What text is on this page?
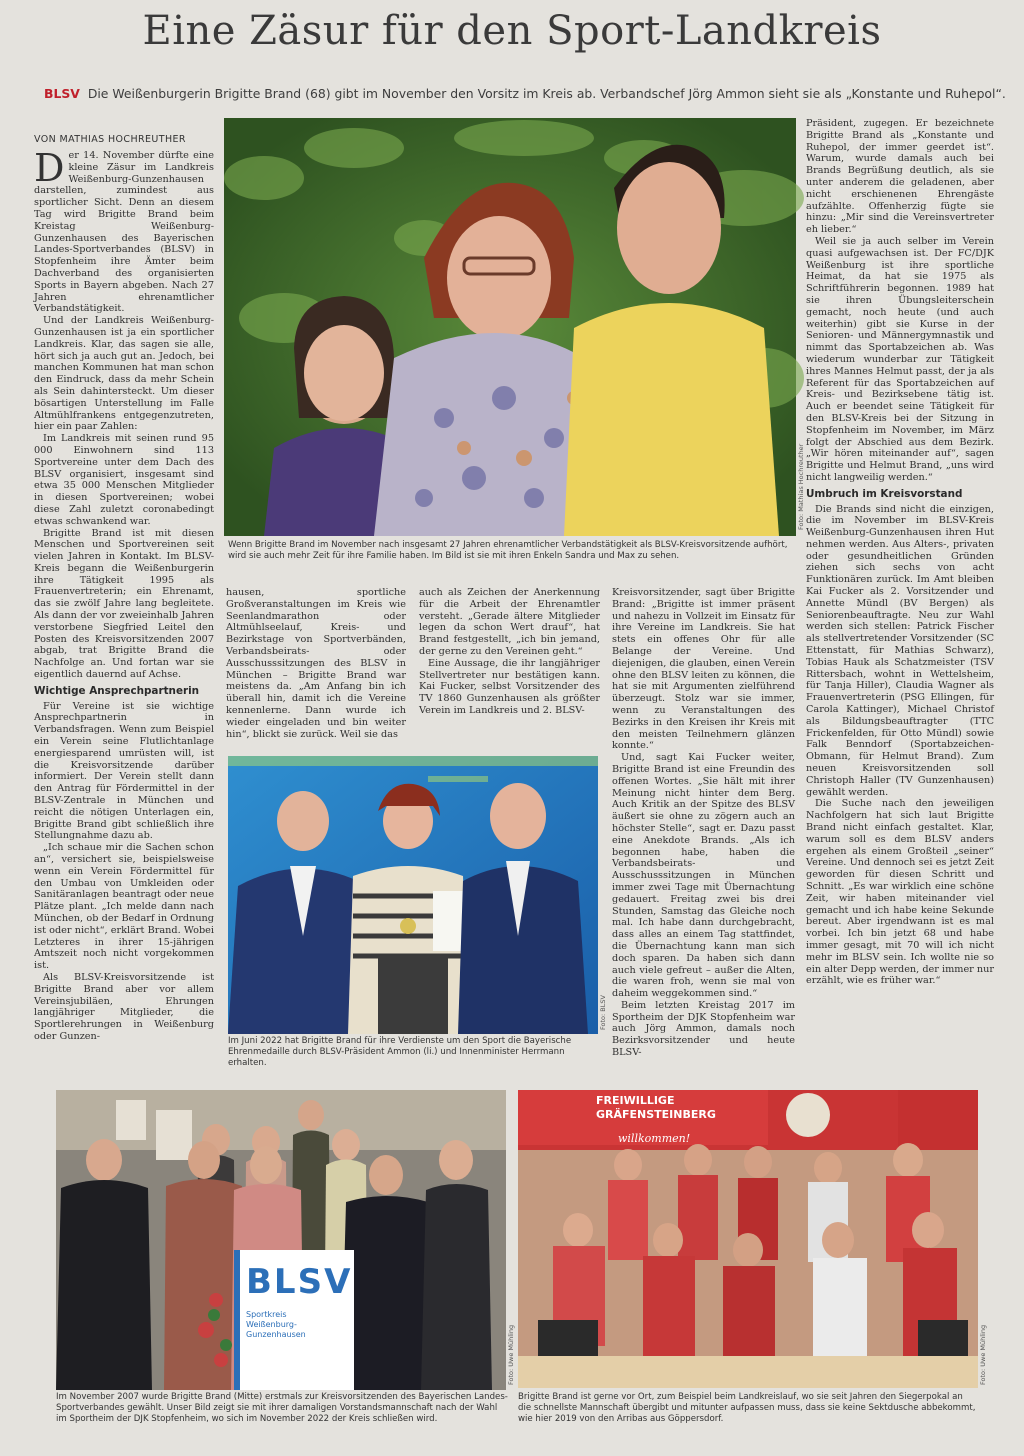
Eine Zäsur für den Sport-Landkreis
BLSV Die Weißenburgerin Brigitte Brand (68) gibt im November den Vorsitz im Kreis ab. Verbandschef Jörg Ammon sieht sie als „Konstante und Ruhepol“.
VON MATHIAS HOCHREUTHER

Der 14. November dürfte eine kleine Zäsur im Landkreis Weißenburg-Gunzenhausen darstellen, zumindest aus sportlicher Sicht. Denn an diesem Tag wird Brigitte Brand beim Kreistag Weißenburg-Gunzenhausen des Bayerischen Landes-Sportverbandes (BLSV) in Stopfenheim ihre Ämter beim Dachverband des organisierten Sports in Bayern abgeben. Nach 27 Jahren ehrenamtlicher Verbandstätigkeit.

Und der Landkreis Weißenburg-Gunzenhausen ist ja ein sportlicher Landkreis. Klar, das sagen sie alle, hört sich ja auch gut an. Jedoch, bei manchen Kommunen hat man schon den Eindruck, dass da mehr Schein als Sein dahintersteckt. Um dieser bösartigen Unterstellung im Falle Altmühlfrankens entgegenzutreten, hier ein paar Zahlen:

Im Landkreis mit seinen rund 95 000 Einwohnern sind 113 Sportvereine unter dem Dach des BLSV organisiert, insgesamt sind etwa 35 000 Menschen Mitglieder in diesen Sportvereinen; wobei diese Zahl zuletzt coronabedingt etwas schwankend war.

Brigitte Brand ist mit diesen Menschen und Sportvereinen seit vielen Jahren in Kontakt. Im BLSV-Kreis begann die Weißenburgerin ihre Tätigkeit 1995 als Frauenvertreterin; ein Ehrenamt, das sie zwölf Jahre lang begleitete. Als dann der vor zweieinhalb Jahren verstorbene Siegfried Leitel den Posten des Kreisvorsitzenden 2007 abgab, trat Brigitte Brand die Nachfolge an. Und fortan war sie eigentlich dauernd auf Achse.

Wichtige Ansprechpartnerin

Für Vereine ist sie wichtige Ansprechpartnerin in Verbandsfragen. Wenn zum Beispiel ein Verein seine Flutlichtanlage energiesparend umrüsten will, ist die Kreisvorsitzende darüber informiert. Der Verein stellt dann den Antrag für Fördermittel in der BLSV-Zentrale in München und reicht die nötigen Unterlagen ein, Brigitte Brand gibt schließlich ihre Stellungnahme dazu ab.

„Ich schaue mir die Sachen schon an“, versichert sie, beispielsweise wenn ein Verein Fördermittel für den Umbau von Umkleiden oder Sanitäranlagen beantragt oder neue Plätze plant. „Ich melde dann nach München, ob der Bedarf in Ordnung ist oder nicht“, erklärt Brand. Wobei Letzteres in ihrer 15-jährigen Amtszeit noch nicht vorgekommen ist.

Als BLSV-Kreisvorsitzende ist Brigitte Brand aber vor allem Vereinsjubiläen, Ehrungen langjähriger Mitglieder, die Sportlerehrungen in Weißenburg oder Gunzen-

Foto: Mathias Hochreuther
Wenn Brigitte Brand im November nach insgesamt 27 Jahren ehrenamtlicher Verbandstätigkeit als BLSV-Kreisvorsitzende aufhört, wird sie auch mehr Zeit für ihre Familie haben. Im Bild ist sie mit ihren Enkeln Sandra und Max zu sehen.

hausen, sportliche Großveranstaltungen im Kreis wie Seenlandmarathon oder Altmühlseelauf, Kreis- und Bezirkstage von Sportverbänden, Verbandsbeirats- oder Ausschusssitzungen des BLSV in München – Brigitte Brand war meistens da. „Am Anfang bin ich überall hin, damit ich die Vereine kennenlerne. Dann wurde ich wieder eingeladen und bin weiter hin“, blickt sie zurück. Weil sie das

auch als Zeichen der Anerkennung für die Arbeit der Ehrenamtler versteht. „Gerade ältere Mitglieder legen da schon Wert drauf“, hat Brand festgestellt, „ich bin jemand, der gerne zu den Vereinen geht.“

Eine Aussage, die ihr langjähriger Stellvertreter nur bestätigen kann. Kai Fucker, selbst Vorsitzender des TV 1860 Gunzenhausen als größter Verein im Landkreis und 2. BLSV-

Foto: BLSV
Im Juni 2022 hat Brigitte Brand für ihre Verdienste um den Sport die Bayerische Ehrenmedaille durch BLSV-Präsident Ammon (li.) und Innenminister Herrmann erhalten.

Kreisvorsitzender, sagt über Brigitte Brand: „Brigitte ist immer präsent und nahezu in Vollzeit im Einsatz für ihre Vereine im Landkreis. Sie hat stets ein offenes Ohr für alle Belange der Vereine. Und diejenigen, die glauben, einen Verein ohne den BLSV leiten zu können, die hat sie mit Argumenten zielführend überzeugt. Stolz war sie immer, wenn zu Veranstaltungen des Bezirks in den Kreisen ihr Kreis mit den meisten Teilnehmern glänzen konnte.“

Und, sagt Kai Fucker weiter, Brigitte Brand ist eine Freundin des offenen Wortes. „Sie hält mit ihrer Meinung nicht hinter dem Berg. Auch Kritik an der Spitze des BLSV äußert sie ohne zu zögern auch an höchster Stelle“, sagt er. Dazu passt eine Anekdote Brands. „Als ich begonnen habe, haben die Verbandsbeirats- und Ausschusssitzungen in München immer zwei Tage mit Übernachtung gedauert. Freitag zwei bis drei Stunden, Samstag das Gleiche noch mal. Ich habe dann durchgebracht, dass alles an einem Tag stattfindet, die Übernachtung kann man sich doch sparen. Da haben sich dann auch viele gefreut – außer die Alten, die waren froh, wenn sie mal von daheim weggekommen sind.“

Beim letzten Kreistag 2017 im Sportheim der DJK Stopfenheim war auch Jörg Ammon, damals noch Bezirksvorsitzender und heute BLSV-

Präsident, zugegen. Er bezeichnete Brigitte Brand als „Konstante und Ruhepol, der immer geerdet ist“. Warum, wurde damals auch bei Brands Begrüßung deutlich, als sie unter anderem die geladenen, aber nicht erschienenen Ehrengäste aufzählte. Offenherzig fügte sie hinzu: „Mir sind die Vereinsvertreter eh lieber.“

Weil sie ja auch selber im Verein quasi aufgewachsen ist. Der FC/DJK Weißenburg ist ihre sportliche Heimat, da hat sie 1975 als Schriftführerin begonnen. 1989 hat sie ihren Übungsleiterschein gemacht, noch heute (und auch weiterhin) gibt sie Kurse in der Senioren- und Männergymnastik und nimmt das Sportabzeichen ab. Was wiederum wunderbar zur Tätigkeit ihres Mannes Helmut passt, der ja als Referent für das Sportabzeichen auf Kreis- und Bezirksebene tätig ist. Auch er beendet seine Tätigkeit für den BLSV-Kreis bei der Sitzung in Stopfenheim im November, im März folgt der Abschied aus dem Bezirk. „Wir hören miteinander auf“, sagen Brigitte und Helmut Brand, „uns wird nicht langweilig werden.“

Umbruch im Kreisvorstand

Die Brands sind nicht die einzigen, die im November im BLSV-Kreis Weißenburg-Gunzenhausen ihren Hut nehmen werden. Aus Alters-, privaten oder gesundheitlichen Gründen ziehen sich sechs von acht Funktionären zurück. Im Amt bleiben Kai Fucker als 2. Vorsitzender und Annette Mündl (BV Bergen) als Seniorenbeauftragte. Neu zur Wahl werden sich stellen: Patrick Fischer als stellvertretender Vorsitzender (SC Ettenstatt, für Mathias Schwarz), Tobias Hauk als Schatzmeister (TSV Rittersbach, wohnt in Wettelsheim, für Tanja Hiller), Claudia Wagner als Frauenvertreterin (PSG Ellingen, für Carola Kattinger), Michael Christof als Bildungsbeauftragter (TTC Frickenfelden, für Otto Mündl) sowie Falk Benndorf (Sportabzeichen-Obmann, für Helmut Brand). Zum neuen Kreisvorsitzenden soll Christoph Haller (TV Gunzenhausen) gewählt werden.

Die Suche nach den jeweiligen Nachfolgern hat sich laut Brigitte Brand nicht einfach gestaltet. Klar, warum soll es dem BLSV anders ergehen als einem Großteil „seiner“ Vereine. Und dennoch sei es jetzt Zeit geworden für diesen Schritt und Schnitt. „Es war wirklich eine schöne Zeit, wir haben miteinander viel gemacht und ich habe keine Sekunde bereut. Aber irgendwann ist es mal vorbei. Ich bin jetzt 68 und habe immer gesagt, mit 70 will ich nicht mehr im BLSV sein. Ich wollte nie so ein alter Depp werden, der immer nur erzählt, wie es früher war.“

BLSV
Sportkreis
Weißenburg-Gunzenhausen	Foto: Uwe Mühling
Im November 2007 wurde Brigitte Brand (Mitte) erstmals zur Kreisvorsitzenden des Bayerischen Landes-Sportverbandes gewählt. Unser Bild zeigt sie mit ihrer damaligen Vorstandsmannschaft nach der Wahl im Sportheim der DJK Stopfenheim, wo sich im November 2022 der Kreis schließen wird.
FREIWILLIGE
GRÄFENSTEINBERG
willkommen!
Foto: Uwe Mühling
Brigitte Brand ist gerne vor Ort, zum Beispiel beim Landkreislauf, wo sie seit Jahren den Siegerpokal an die schnellste Mannschaft übergibt und mitunter aufpassen muss, dass sie keine Sektdusche abbekommt, wie hier 2019 von den Arribas aus Göppersdorf.
